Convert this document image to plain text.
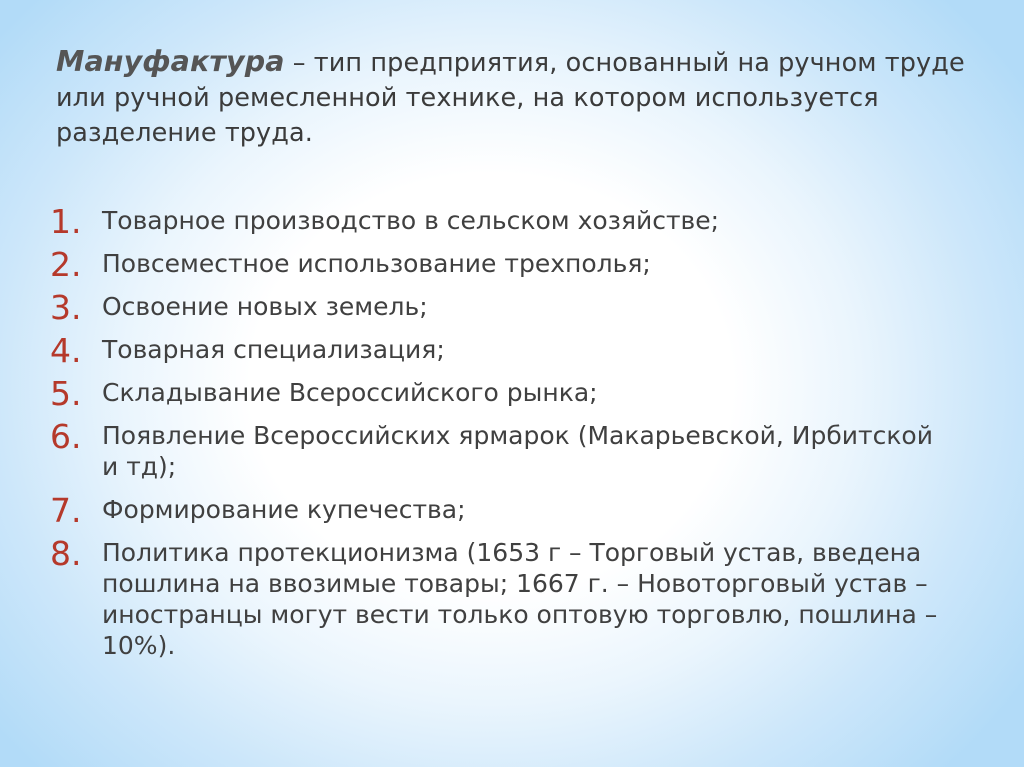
Мануфактура – тип предприятия, основанный на ручном труде или ручной ремесленной технике, на котором используется разделение труда.

1. Товарное производство в сельском хозяйстве;
2. Повсеместное использование трехполья;
3. Освоение новых земель;
4. Товарная специализация;
5. Складывание Всероссийского рынка;
6. Появление Всероссийских ярмарок (Макарьевской, Ирбитской и тд);
7. Формирование купечества;
8. Политика протекционизма (1653 г – Торговый устав, введена пошлина на ввозимые товары; 1667 г. – Новоторговый устав – иностранцы могут вести только оптовую торговлю, пошлина – 10%).
